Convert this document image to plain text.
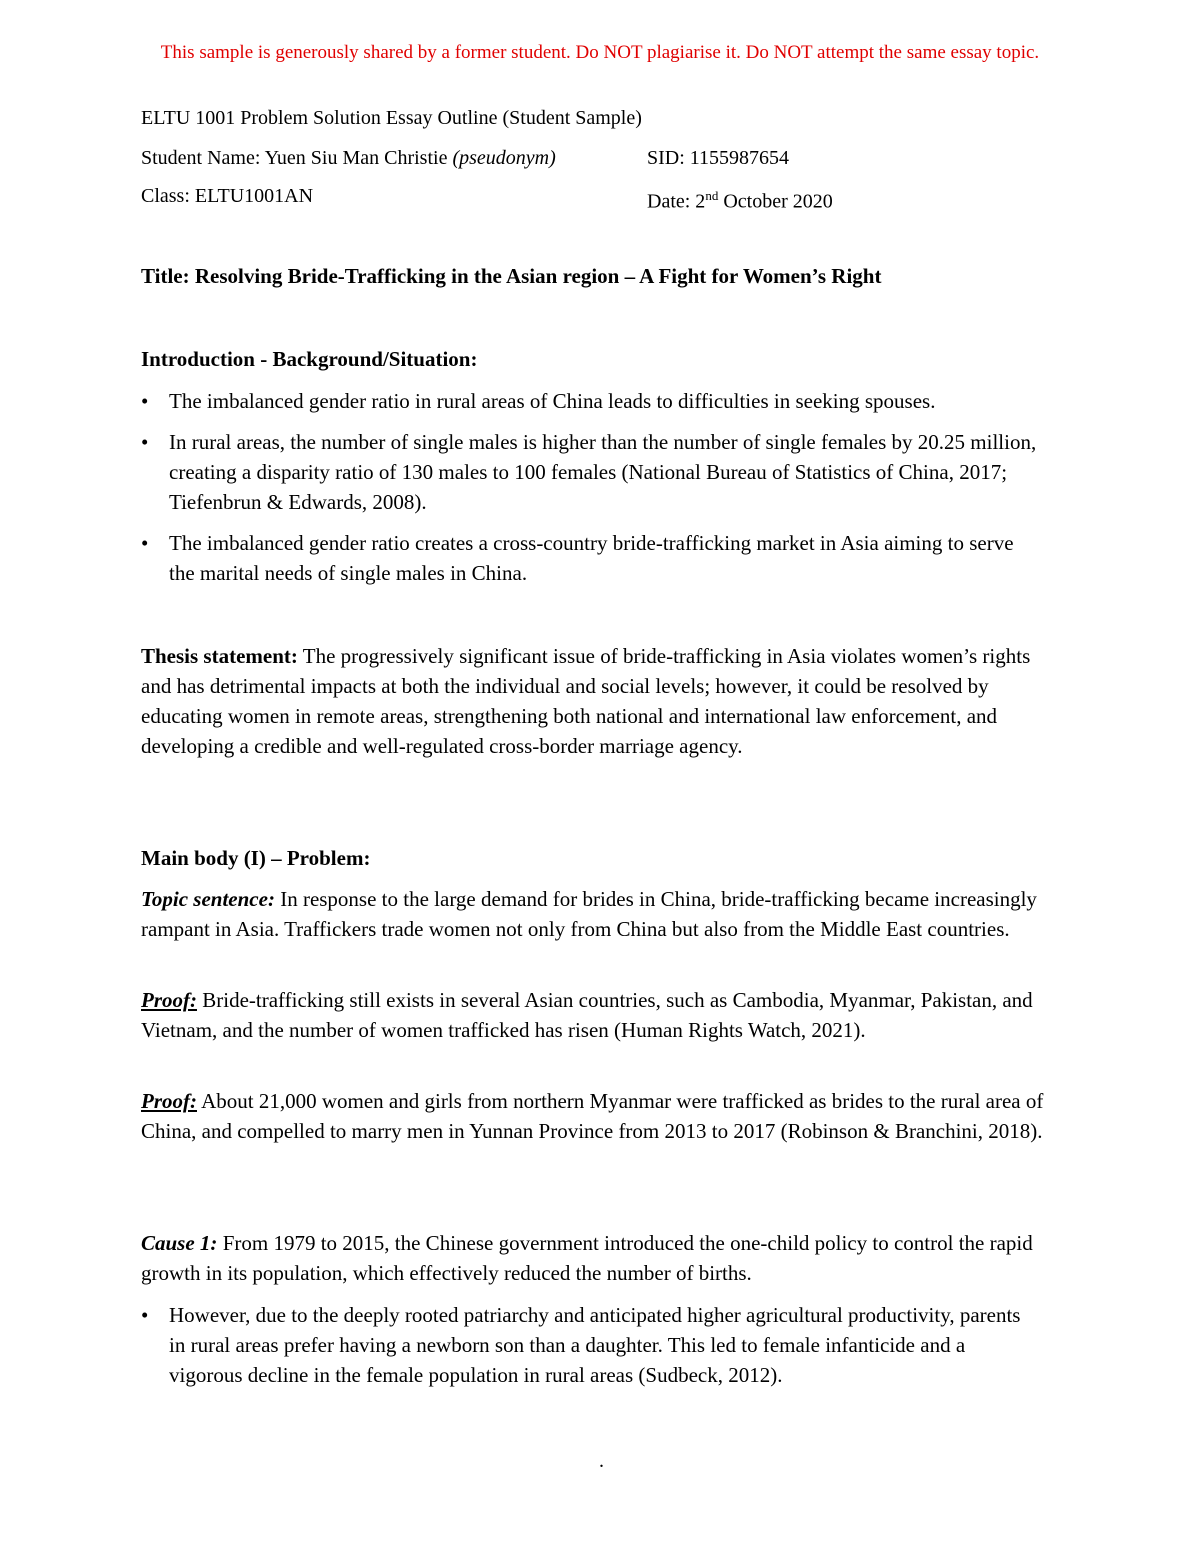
This sample is generously shared by a former student. Do NOT plagiarise it. Do NOT attempt the same essay topic.
ELTU 1001 Problem Solution Essay Outline (Student Sample)
Student Name: Yuen Siu Man Christie (pseudonym)	SID: 1155987654
Class: ELTU1001AN	Date: 2nd October 2020
Title: Resolving Bride-Trafficking in the Asian region – A Fight for Women’s Right
Introduction - Background/Situation:
• The imbalanced gender ratio in rural areas of China leads to difficulties in seeking spouses.
• In rural areas, the number of single males is higher than the number of single females by 20.25 million, creating a disparity ratio of 130 males to 100 females (National Bureau of Statistics of China, 2017; Tiefenbrun & Edwards, 2008).
• The imbalanced gender ratio creates a cross-country bride-trafficking market in Asia aiming to serve the marital needs of single males in China.

Thesis statement: The progressively significant issue of bride-trafficking in Asia violates women’s rights and has detrimental impacts at both the individual and social levels; however, it could be resolved by educating women in remote areas, strengthening both national and international law enforcement, and developing a credible and well-regulated cross-border marriage agency.

Main body (I) – Problem:

Topic sentence: In response to the large demand for brides in China, bride-trafficking became increasingly rampant in Asia. Traffickers trade women not only from China but also from the Middle East countries.

Proof: Bride-trafficking still exists in several Asian countries, such as Cambodia, Myanmar, Pakistan, and Vietnam, and the number of women trafficked has risen (Human Rights Watch, 2021).

Proof: About 21,000 women and girls from northern Myanmar were trafficked as brides to the rural area of China, and compelled to marry men in Yunnan Province from 2013 to 2017 (Robinson & Branchini, 2018).

Cause 1: From 1979 to 2015, the Chinese government introduced the one-child policy to control the rapid growth in its population, which effectively reduced the number of births.

• However, due to the deeply rooted patriarchy and anticipated higher agricultural productivity, parents in rural areas prefer having a newborn son than a daughter. This led to female infanticide and a vigorous decline in the female population in rural areas (Sudbeck, 2012).
.
